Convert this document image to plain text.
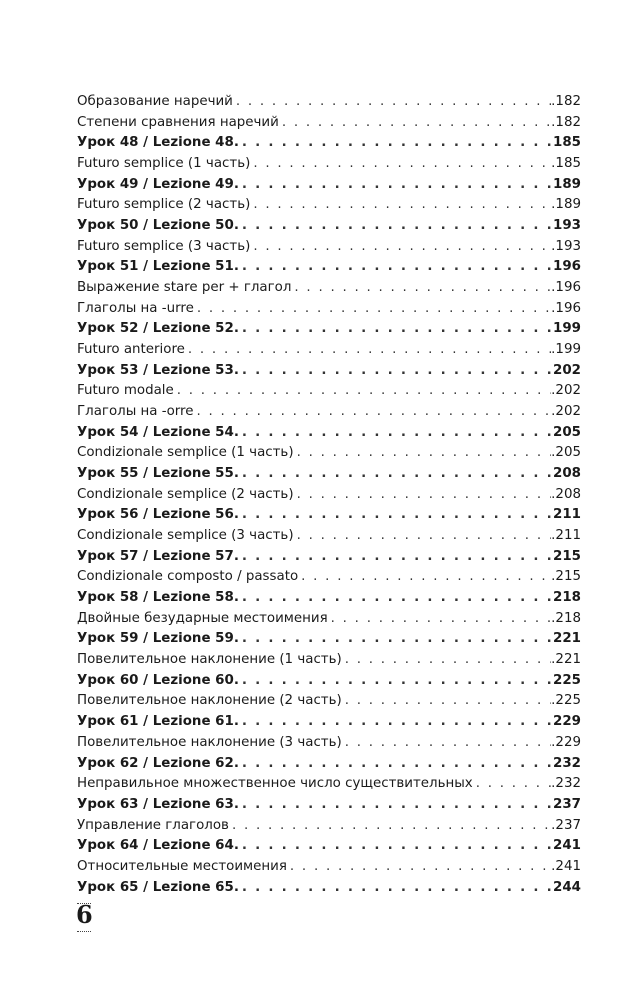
Образование наречий . . .	.182
Степени сравнения наречий . . .	.182
Урок 48 / Lezione 48. . . .	185
Futuro semplice (1 часть) . . .	.185
Урок 49 / Lezione 49. . . .	189
Futuro semplice (2 часть) . . .	.189
Урок 50 / Lezione 50. . . .	193
Futuro semplice (3 часть) . . .	.193
Урок 51 / Lezione 51. . . .	196
Выражение stare per + глагол . . .	.196
Глаголы на -urre . . .	.196
Урок 52 / Lezione 52. . . .	199
Futuro anteriore . . .	.199
Урок 53 / Lezione 53. . . .	202
Futuro modale . . .	.202
Глаголы на -orre . . .	.202
Урок 54 / Lezione 54. . . .	205
Condizionale semplice (1 часть) . . .	.205
Урок 55 / Lezione 55. . . .	208
Condizionale semplice (2 часть) . . .	.208
Урок 56 / Lezione 56. . . .	211
Condizionale semplice (3 часть) . . .	.211
Урок 57 / Lezione 57. . . .	215
Condizionale composto / passato . . .	.215
Урок 58 / Lezione 58. . . .	218
Двойные безударные местоимения . . .	.218
Урок 59 / Lezione 59. . . .	221
Повелительное наклонение (1 часть) . . .	.221
Урок 60 / Lezione 60. . . .	225
Повелительное наклонение (2 часть) . . .	.225
Урок 61 / Lezione 61. . . .	229
Повелительное наклонение (3 часть) . . .	.229
Урок 62 / Lezione 62. . . .	232
Неправильное множественное число существительных . . .	.232
Урок 63 / Lezione 63. . . .	237
Управление глаголов . . .	.237
Урок 64 / Lezione 64. . . .	241
Относительные местоимения . . .	.241
Урок 65 / Lezione 65. . . .	244
6
